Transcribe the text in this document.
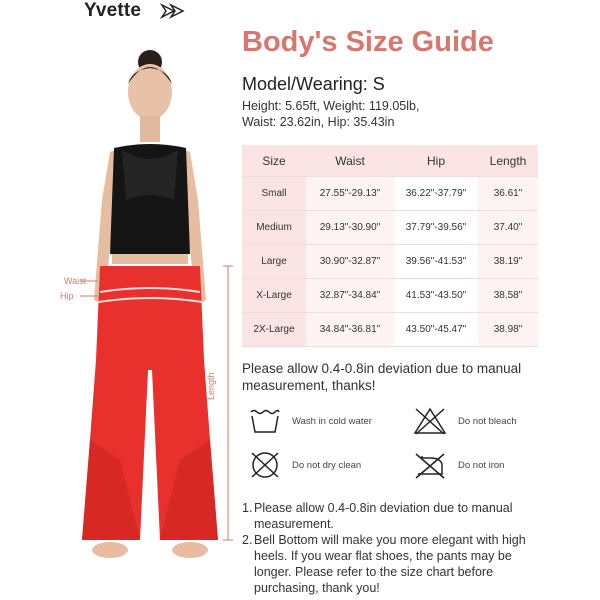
Yvette
Waist
Hip
Length
Body's Size Guide
Model/Wearing: S
Height: 5.65ft, Weight: 119.05lb,
Waist: 23.62in, Hip: 35.43in
Size	Waist	Hip	Length
Small	27.55"-29.13"	36.22"-37.79"	36.61"
Medium	29.13"-30.90"	37.79"-39.56"	37.40"
Large	30.90"-32.87"	39.56"-41.53"	38.19"
X-Large	32.87"-34.84"	41.53"-43.50"	38.58"
2X-Large	34.84"-36.81"	43.50"-45.47"	38.98"
Please allow 0.4-0.8in deviation due to manual measurement, thanks!
Wash in cold water	Do not bleach
Do not dry clean	Do not iron
1. Please allow 0.4-0.8in deviation due to manual measurement.
2. Bell Bottom will make you more elegant with high heels. If you wear flat shoes, the pants may be longer. Please refer to the size chart before purchasing, thank you!
